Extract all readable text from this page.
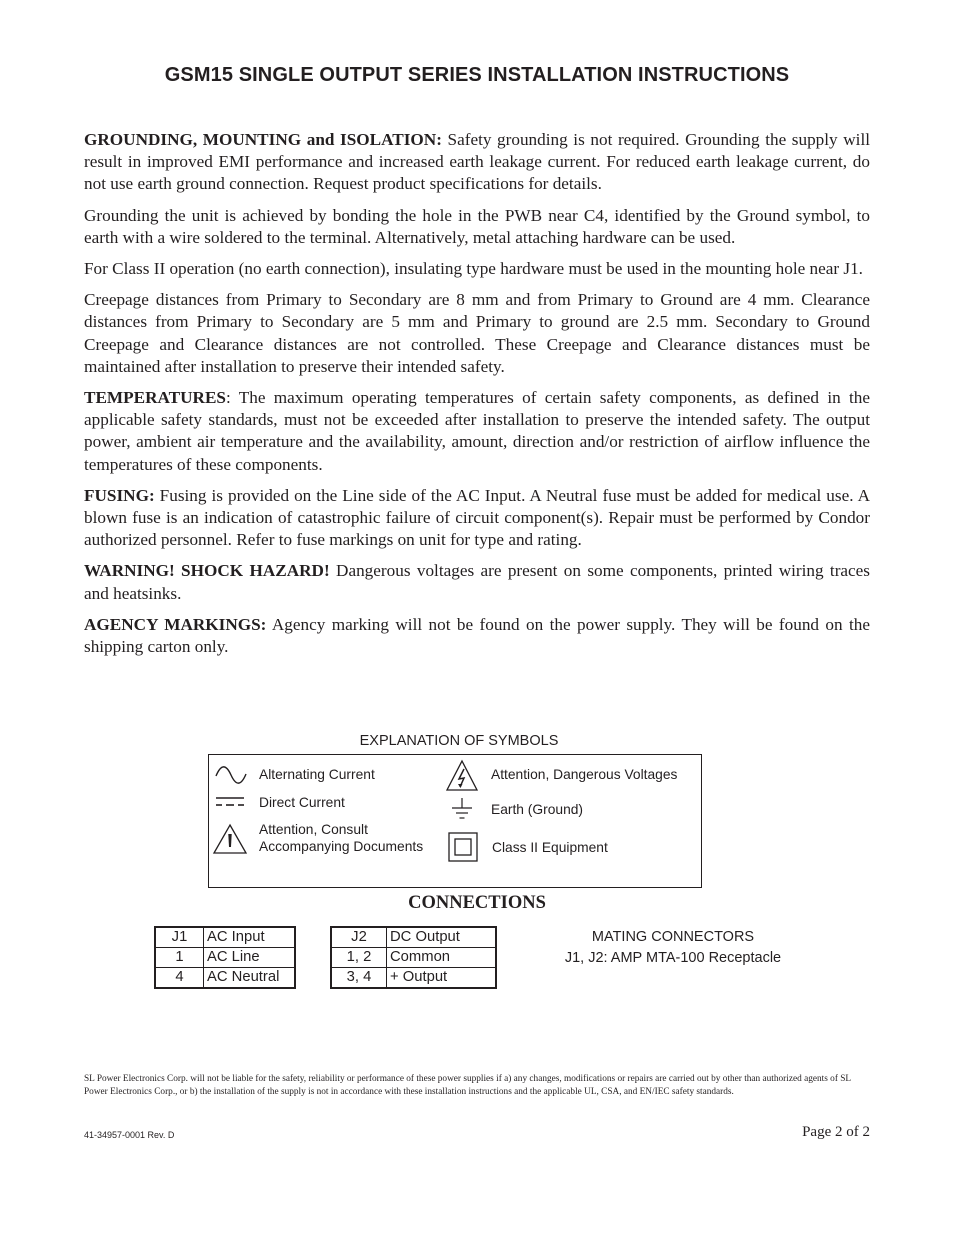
GSM15 SINGLE OUTPUT SERIES INSTALLATION INSTRUCTIONS

GROUNDING, MOUNTING and ISOLATION: Safety grounding is not required. Grounding the supply will result in improved EMI performance and increased earth leakage current. For reduced earth leakage current, do not use earth ground connection. Request product specifications for details.

Grounding the unit is achieved by bonding the hole in the PWB near C4, identified by the Ground symbol, to earth with a wire soldered to the terminal. Alternatively, metal attaching hardware can be used.

For Class II operation (no earth connection), insulating type hardware must be used in the mounting hole near J1.

Creepage distances from Primary to Secondary are 8 mm and from Primary to Ground are 4 mm. Clearance distances from Primary to Secondary are 5 mm and Primary to ground are 2.5 mm. Secondary to Ground Creepage and Clearance distances are not controlled. These Creepage and Clearance distances must be maintained after installation to preserve their intended safety.

TEMPERATURES: The maximum operating temperatures of certain safety components, as defined in the applicable safety standards, must not be exceeded after installation to preserve the intended safety. The output power, ambient air temperature and the availability, amount, direction and/or restriction of airflow influence the temperatures of these components.

FUSING: Fusing is provided on the Line side of the AC Input. A Neutral fuse must be added for medical use. A blown fuse is an indication of catastrophic failure of circuit component(s). Repair must be performed by Condor authorized personnel. Refer to fuse markings on unit for type and rating.

WARNING! SHOCK HAZARD! Dangerous voltages are present on some components, printed wiring traces and heatsinks.

AGENCY MARKINGS: Agency marking will not be found on the power supply. They will be found on the shipping carton only.

EXPLANATION OF SYMBOLS
Alternating Current
Direct Current
Attention, Consult
Accompanying Documents
Attention, Dangerous Voltages
Earth (Ground)
Class II Equipment
CONNECTIONS
J1	AC Input
1	AC Line
4	AC Neutral
J2	DC Output
1, 2	Common
3, 4	+ Output
MATING CONNECTORS
J1, J2: AMP MTA-100 Receptacle
SL Power Electronics Corp. will not be liable for the safety, reliability or performance of these power supplies if a) any changes, modifications or repairs are carried out by other than authorized agents of SL Power Electronics Corp., or b) the installation of the supply is not in accordance with these installation instructions and the applicable UL, CSA, and EN/IEC safety standards.
41-34957-0001 Rev. D	Page 2 of 2
